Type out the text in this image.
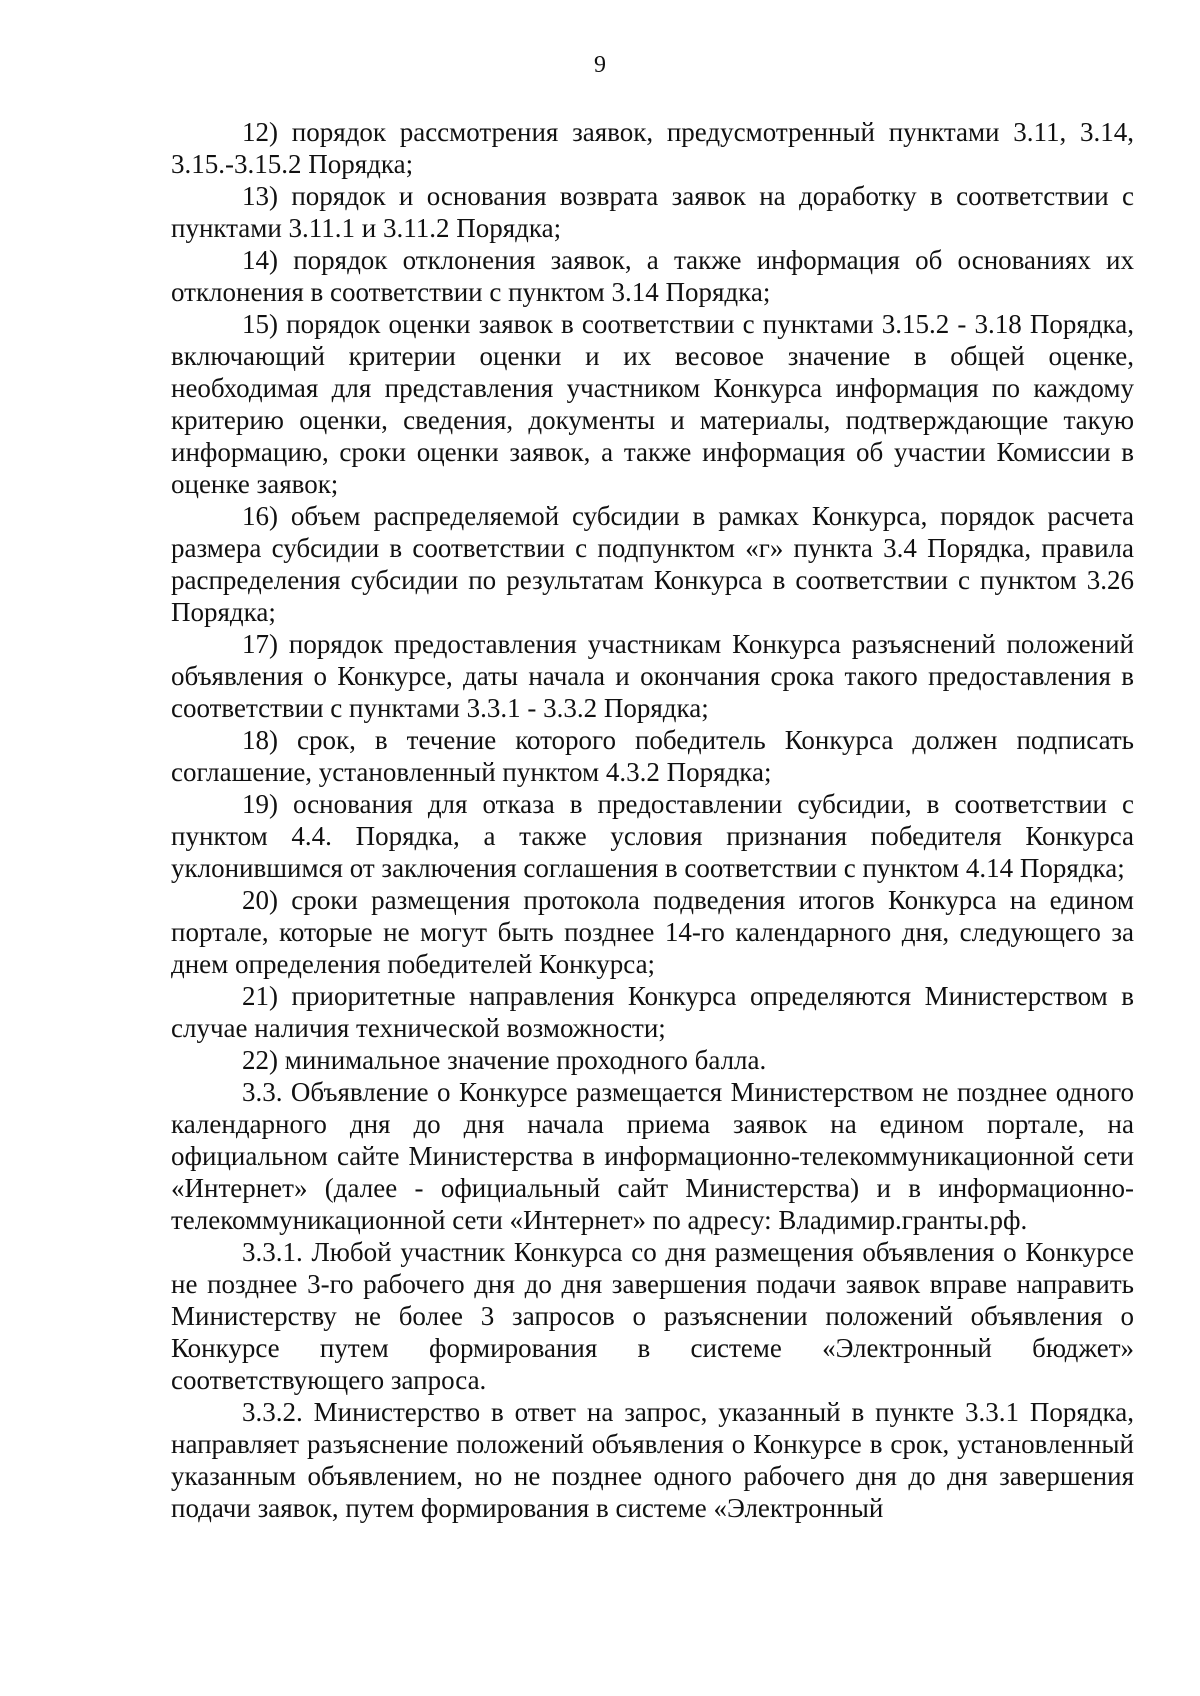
9

12) порядок рассмотрения заявок, предусмотренный пунктами 3.11, 3.14, 3.15.-3.15.2 Порядка;

13) порядок и основания возврата заявок на доработку в соответствии с пунктами 3.11.1 и 3.11.2 Порядка;

14) порядок отклонения заявок, а также информация об основаниях их отклонения в соответствии с пунктом 3.14 Порядка;

15) порядок оценки заявок в соответствии с пунктами 3.15.2 - 3.18 Порядка, включающий критерии оценки и их весовое значение в общей оценке, необходимая для представления участником Конкурса информация по каждому критерию оценки, сведения, документы и материалы, подтверждающие такую информацию, сроки оценки заявок, а также информация об участии Комиссии в оценке заявок;

16) объем распределяемой субсидии в рамках Конкурса, порядок расчета размера субсидии в соответствии с подпунктом «г» пункта 3.4 Порядка, правила распределения субсидии по результатам Конкурса в соответствии с пунктом 3.26 Порядка;

17) порядок предоставления участникам Конкурса разъяснений положений объявления о Конкурсе, даты начала и окончания срока такого предоставления в соответствии с пунктами 3.3.1 - 3.3.2 Порядка;

18) срок, в течение которого победитель Конкурса должен подписать соглашение, установленный пунктом 4.3.2 Порядка;

19) основания для отказа в предоставлении субсидии, в соответствии с пунктом 4.4. Порядка, а также условия признания победителя Конкурса уклонившимся от заключения соглашения в соответствии с пунктом 4.14 Порядка;

20) сроки размещения протокола подведения итогов Конкурса на едином портале, которые не могут быть позднее 14-го календарного дня, следующего за днем определения победителей Конкурса;

21) приоритетные направления Конкурса определяются Министерством в случае наличия технической возможности;

22) минимальное значение проходного балла.

3.3. Объявление о Конкурсе размещается Министерством не позднее одного календарного дня до дня начала приема заявок на едином портале, на официальном сайте Министерства в информационно-телекоммуникационной сети «Интернет» (далее - официальный сайт Министерства) и в информационно-телекоммуникационной сети «Интернет» по адресу: Владимир.гранты.рф.

3.3.1. Любой участник Конкурса со дня размещения объявления о Конкурсе не позднее 3-го рабочего дня до дня завершения подачи заявок вправе направить Министерству не более 3 запросов о разъяснении положений объявления о Конкурсе путем формирования в системе «Электронный бюджет» соответствующего запроса.

3.3.2. Министерство в ответ на запрос, указанный в пункте 3.3.1 Порядка, направляет разъяснение положений объявления о Конкурсе в срок, установленный указанным объявлением, но не позднее одного рабочего дня до дня завершения подачи заявок, путем формирования в системе «Электронный
